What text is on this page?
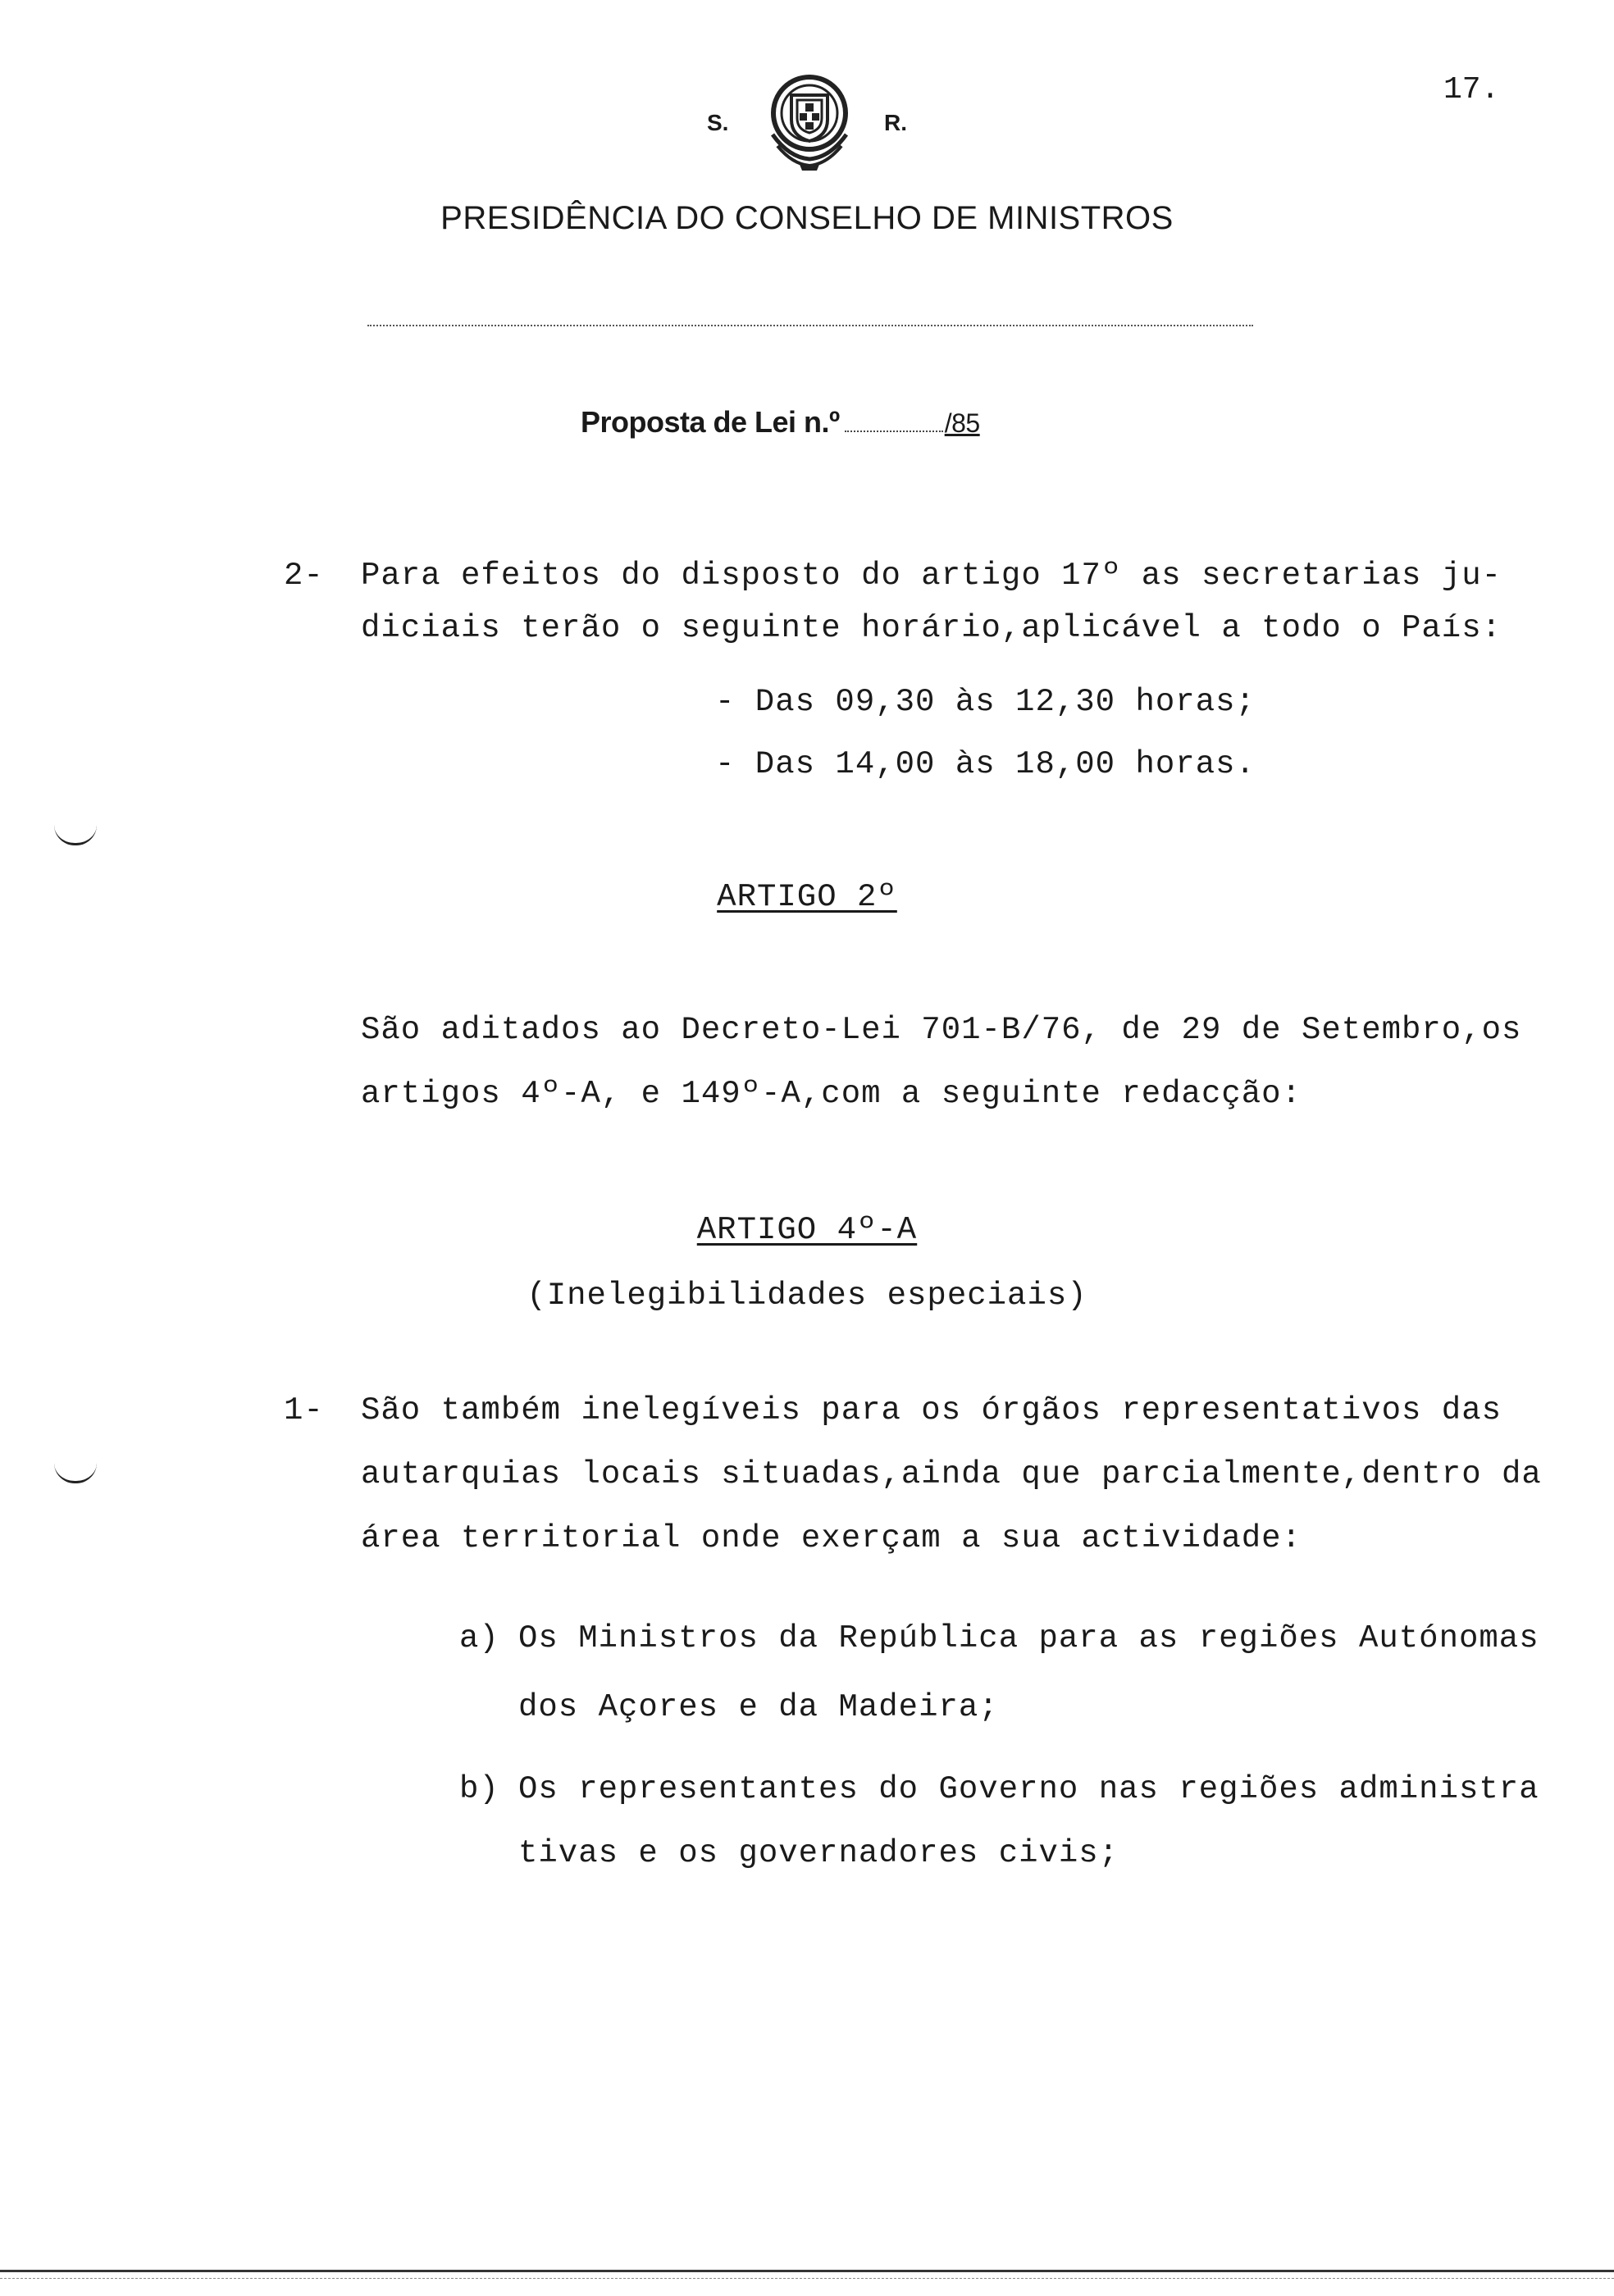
17.
S.	R.
PRESIDÊNCIA DO CONSELHO DE MINISTROS
Proposta de Lei n.º	/85
2- Para efeitos do disposto do artigo 17º as secretarias ju-
diciais terão o seguinte horário,aplicável a todo o País:
- Das 09,30 às 12,30 horas;
- Das 14,00 às 18,00 horas.
ARTIGO 2º
São aditados ao Decreto-Lei 701-B/76, de 29 de Setembro,os
artigos 4º-A, e 149º-A,com a seguinte redacção:
ARTIGO 4º-A
(Inelegibilidades especiais)
1- São também inelegíveis para os órgãos representativos das
autarquias locais situadas,ainda que parcialmente,dentro da
área territorial onde exerçam a sua actividade:
a) Os Ministros da República para as regiões Autónomas
dos Açores e da Madeira;
b) Os representantes do Governo nas regiões administra
tivas e os governadores civis;
